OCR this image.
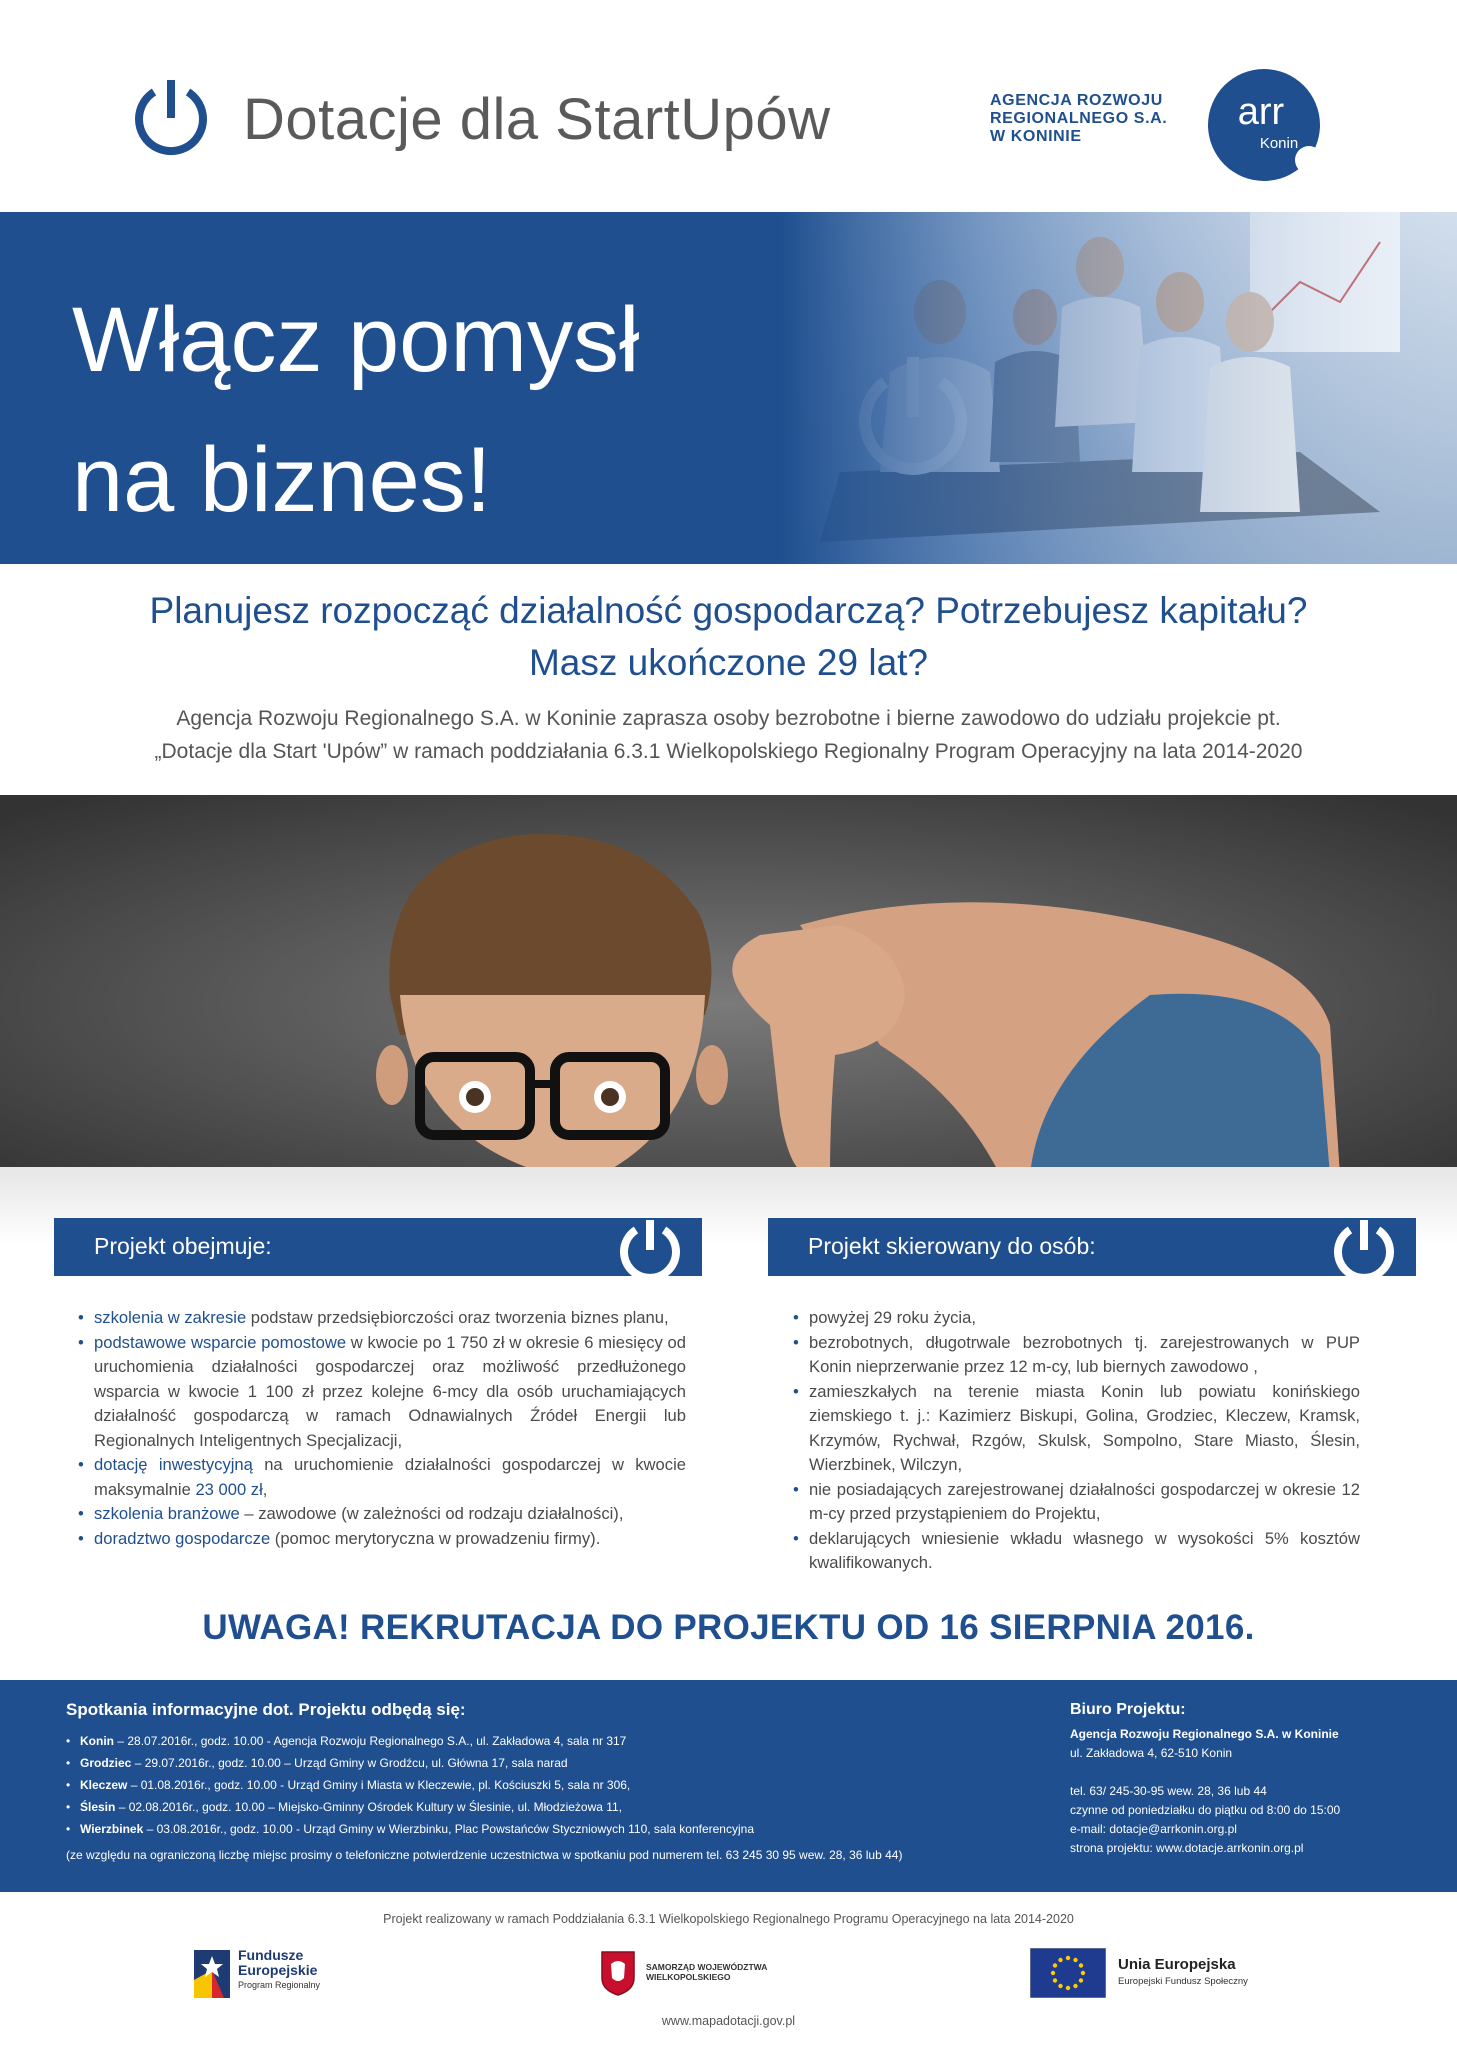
Dotacje dla StartUpów	AGENCJA ROZWOJU
REGIONALNEGO S.A.
W KONINIE
arr
Konin
Włącz pomysł
na biznes!
Planujesz rozpocząć działalność gospodarczą? Potrzebujesz kapitału?
Masz ukończone 29 lat?
Agencja Rozwoju Regionalnego S.A. w Koninie zaprasza osoby bezrobotne i bierne zawodowo do udziału projekcie pt.
„Dotacje dla Start 'Upów” w ramach poddziałania 6.3.1 Wielkopolskiego Regionalny Program Operacyjny na lata 2014-2020
Projekt obejmuje:
• szkolenia w zakresie podstaw przedsiębiorczości oraz tworzenia biznes planu,
• podstawowe wsparcie pomostowe w kwocie po 1 750 zł w okresie 6 miesięcy od uruchomienia działalności gospodarczej oraz możliwość przedłużonego wsparcia w kwocie 1 100 zł przez kolejne 6-mcy dla osób uruchamiających działalność gospodarczą w ramach Odnawialnych Źródeł Energii lub Regionalnych Inteligentnych Specjalizacji,
• dotację inwestycyjną na uruchomienie działalności gospodarczej w kwocie maksymalnie 23 000 zł,
• szkolenia branżowe – zawodowe (w zależności od rodzaju działalności),
• doradztwo gospodarcze (pomoc merytoryczna w prowadzeniu firmy).
Projekt skierowany do osób:
• powyżej 29 roku życia,
• bezrobotnych, długotrwale bezrobotnych tj. zarejestrowanych w PUP Konin nieprzerwanie przez 12 m-cy, lub biernych zawodowo ,
• zamieszkałych na terenie miasta Konin lub powiatu konińskiego ziemskiego t. j.: Kazimierz Biskupi, Golina, Grodziec, Kleczew, Kramsk, Krzymów, Rychwał, Rzgów, Skulsk, Sompolno, Stare Miasto, Ślesin, Wierzbinek, Wilczyn,
• nie posiadających zarejestrowanej działalności gospodarczej w okresie 12 m-cy przed przystąpieniem do Projektu,
• deklarujących wniesienie wkładu własnego w wysokości 5% kosztów kwalifikowanych.
UWAGA! REKRUTACJA DO PROJEKTU OD 16 SIERPNIA 2016.
Spotkania informacyjne dot. Projektu odbędą się:
• Konin – 28.07.2016r., godz. 10.00 - Agencja Rozwoju Regionalnego S.A., ul. Zakładowa 4, sala nr 317
• Grodziec – 29.07.2016r., godz. 10.00 – Urząd Gminy w Grodźcu, ul. Główna 17, sala narad
• Kleczew – 01.08.2016r., godz. 10.00 - Urząd Gminy i Miasta w Kleczewie, pl. Kościuszki 5, sala nr 306,
• Ślesin – 02.08.2016r., godz. 10.00 – Miejsko-Gminny Ośrodek Kultury w Ślesinie, ul. Młodzieżowa 11,
• Wierzbinek – 03.08.2016r., godz. 10.00 - Urząd Gminy w Wierzbinku, Plac Powstańców Styczniowych 110, sala konferencyjna
(ze względu na ograniczoną liczbę miejsc prosimy o telefoniczne potwierdzenie uczestnictwa w spotkaniu pod numerem tel. 63 245 30 95 wew. 28, 36 lub 44)
Biuro Projektu:
Agencja Rozwoju Regionalnego S.A. w Koninie
ul. Zakładowa 4, 62-510 Konin
tel. 63/ 245-30-95 wew. 28, 36 lub 44
czynne od poniedziałku do piątku od 8:00 do 15:00
e-mail: dotacje@arrkonin.org.pl
strona projektu: www.dotacje.arrkonin.org.pl
Projekt realizowany w ramach Poddziałania 6.3.1 Wielkopolskiego Regionalnego Programu Operacyjnego na lata 2014-2020
Fundusze
Europejskie
Program Regionalny
SAMORZĄD WOJEWÓDZTWA
WIELKOPOLSKIEGO
Unia Europejska
Europejski Fundusz Społeczny
www.mapadotacji.gov.pl
